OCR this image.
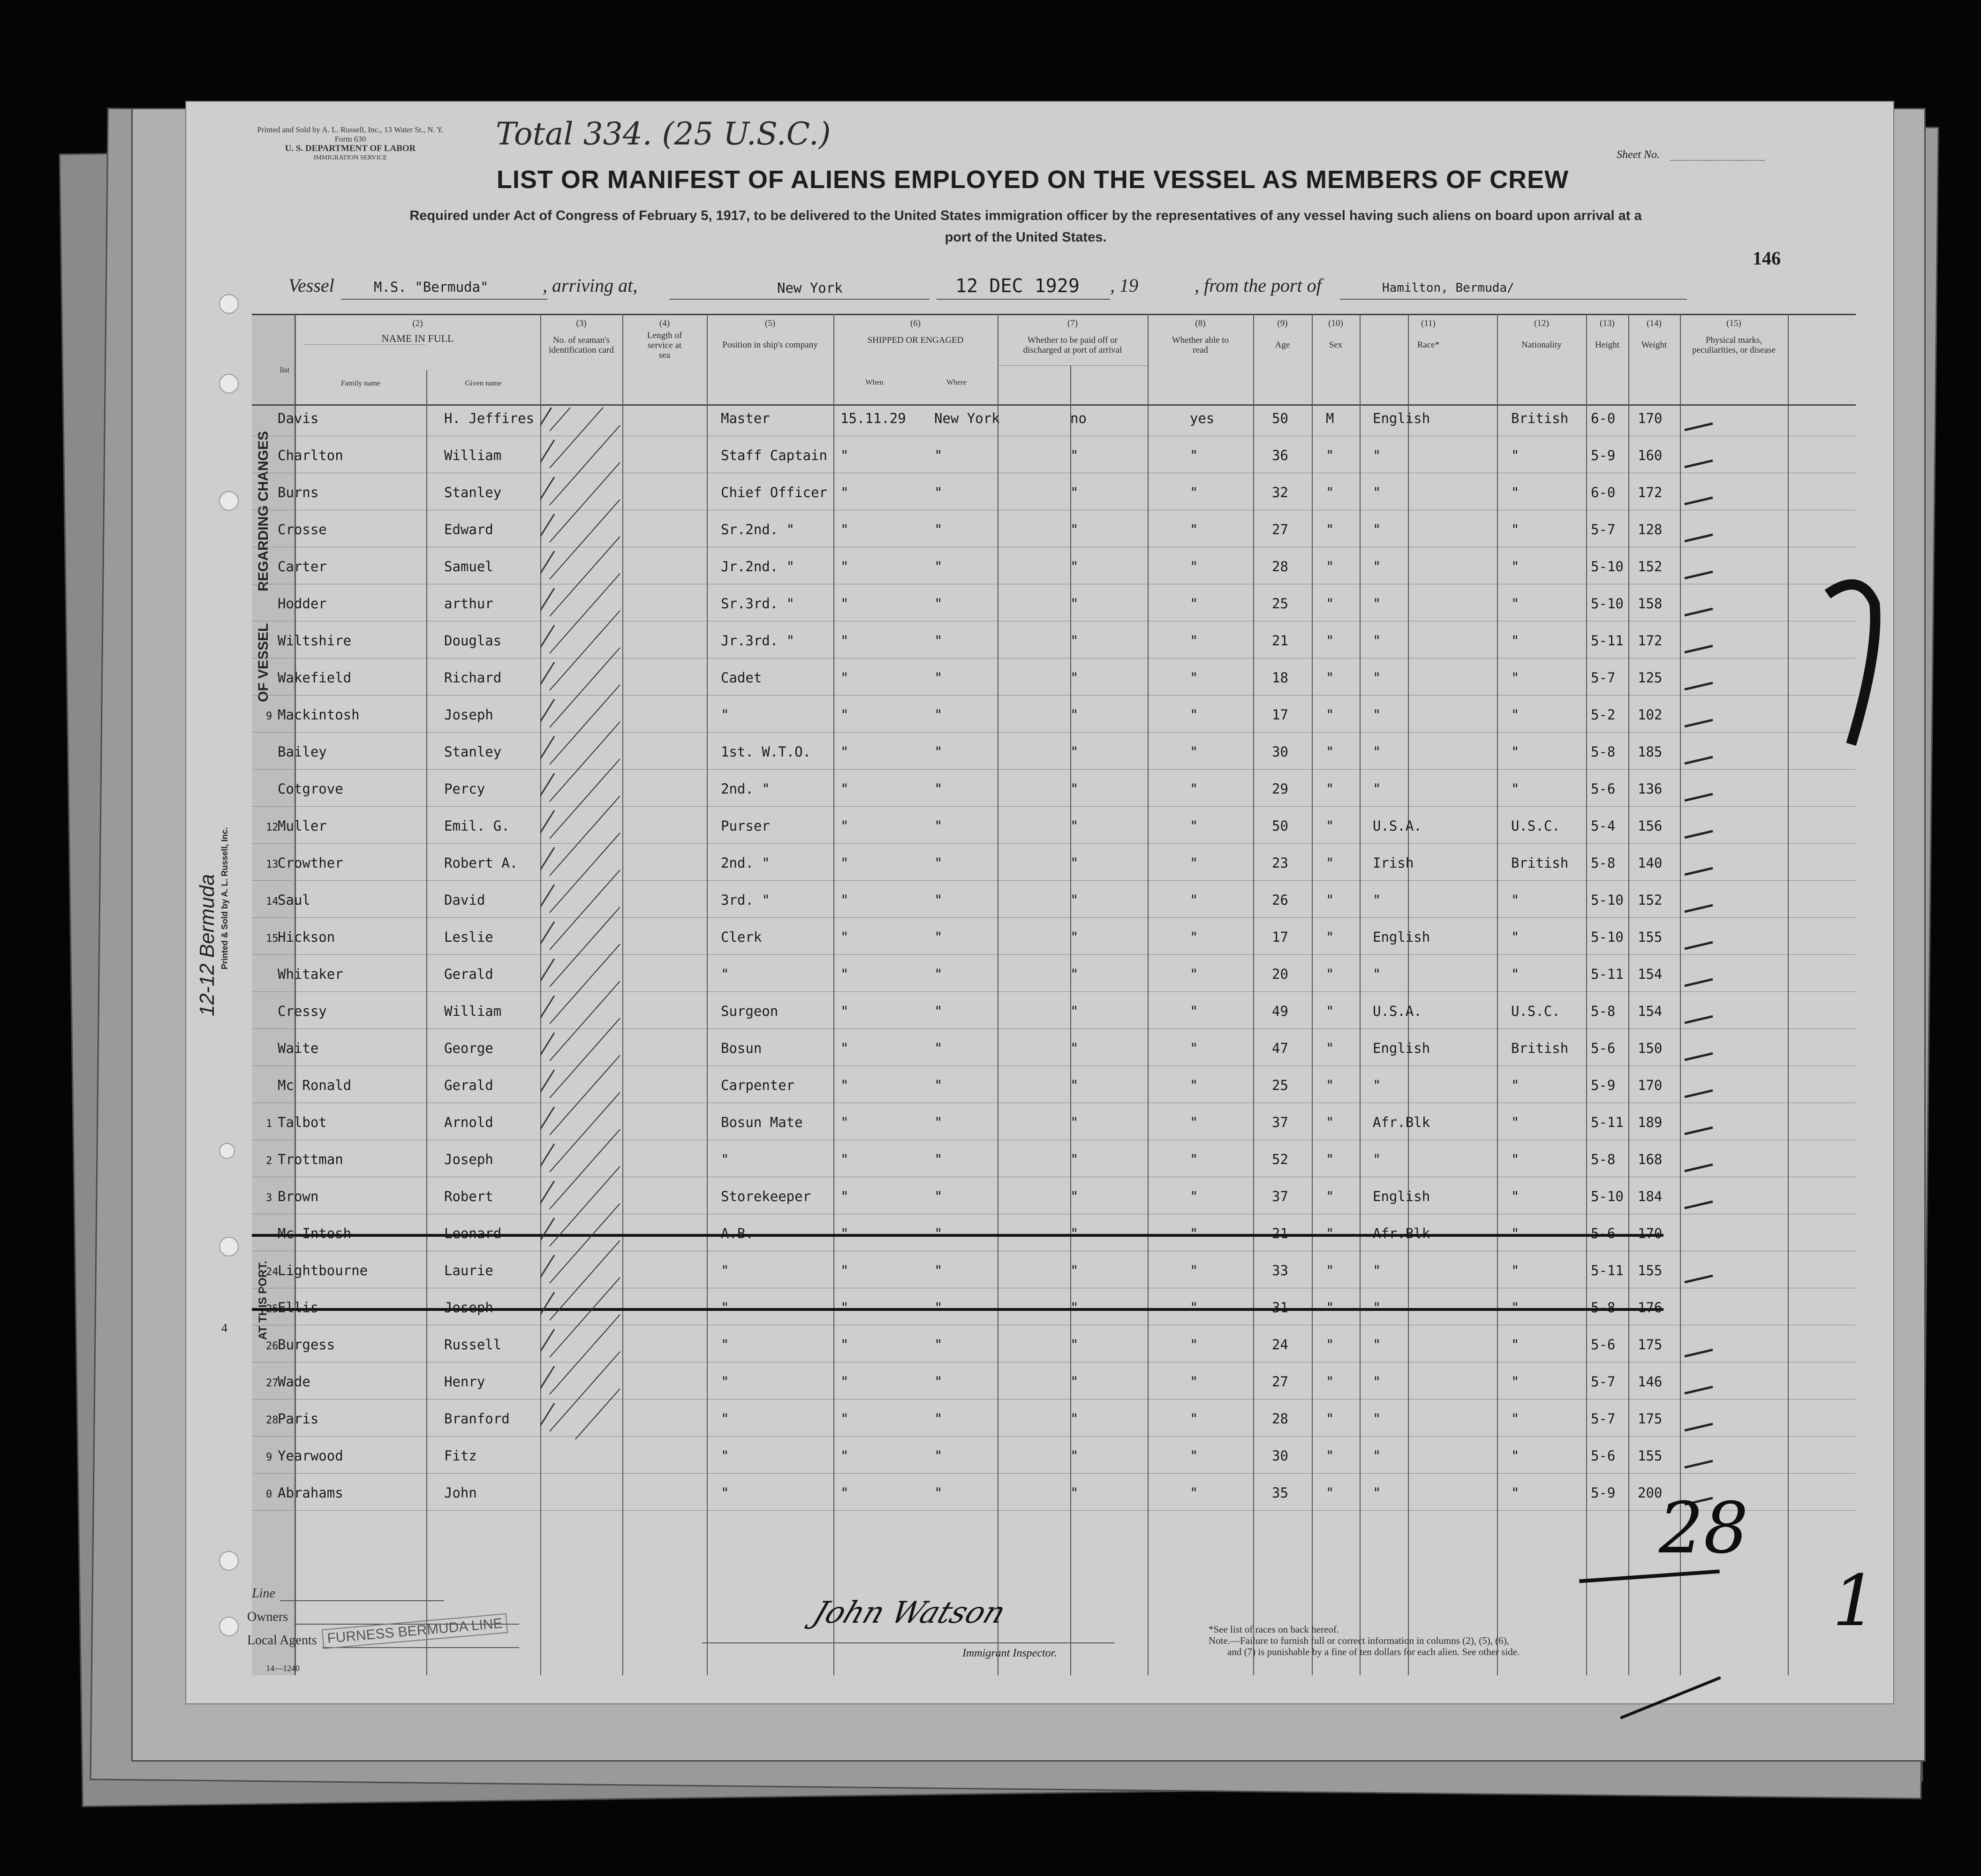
Printed and Sold by A. L. Russell, Inc., 13 Water St., N. Y.
Form 630
U. S. DEPARTMENT OF LABOR
IMMIGRATION SERVICE
Total 334. (25 U.S.C.)
Sheet No.
LIST OR MANIFEST OF ALIENS EMPLOYED ON THE VESSEL AS MEMBERS OF CREW
Required under Act of Congress of February 5, 1917, to be delivered to the United States immigration officer by the representatives of any vessel having such aliens on board upon arrival at a
port of the United States.
146
Vessel	M.S. "Bermuda"	, arriving at,	New York	12 DEC 1929 , 19	, from the port of	Hamilton, Bermuda/
OF VESSEL REGARDING CHANGES
AT THIS PORT.
Printed & Sold by A. L. Russell, Inc.
12-12 Bermuda
4
(2)
NAME IN FULL
Family name	Given name
list
(3)
No. of seaman's identification card
(4)
Length of service at sea
(5)
Position in ship's company
(6)
SHIPPED OR ENGAGED
When	Where
(7)
Whether to be paid off or discharged at port of arrival
(8)
Whether able to read
(9)
Age
(10)
Sex
(11)
Race*
(12)
Nationality
(13)
Height
(14)
Weight
(15)
Physical marks, peculiarities, or disease
9
12
13
14
15
1
2
3
24
25
26
27
28
9
0
Davis	H. Jeffires	Master	15.11.29 New York	no	yes	50	M	English	British 6-0 170
Charlton	William	Staff Captain "	"	"	"	36	"	"	"	5-9 160
Burns	Stanley	Chief Officer "	"	"	"	32	"	"	"	6-0 172
Crosse	Edward	Sr.2nd. "	"	"	"	"	27	"	"	"	5-7 128
Carter	Samuel	Jr.2nd. "	"	"	"	"	28	"	"	"	5-10 152
Hodder	arthur	Sr.3rd. "	"	"	"	"	25	"	"	"	5-10 158
Wiltshire	Douglas	Jr.3rd. "	"	"	"	"	21	"	"	"	5-11 172
Wakefield	Richard	Cadet	"	"	"	"	18	"	"	"	5-7 125
Mackintosh	Joseph	"	"	"	"	"	17	"	"	"	5-2 102
Bailey	Stanley	1st. W.T.O. "	"	"	"	30	"	"	"	5-8 185
Cotgrove	Percy	2nd. "	"	"	"	"	29	"	"	"	5-6 136
Muller	Emil. G.	Purser	"	"	"	"	50	"	U.S.A.	U.S.C. 5-4 156
Crowther	Robert A.	2nd. "	"	"	"	"	23	"	Irish	British 5-8 140
Saul	David	3rd. "	"	"	"	"	26	"	"	"	5-10 152
Hickson	Leslie	Clerk	"	"	"	"	17	"	English	"	5-10 155
Whitaker	Gerald	"	"	"	"	"	20	"	"	"	5-11 154
Cressy	William	Surgeon	"	"	"	"	49	"	U.S.A.	U.S.C. 5-8 154
Waite	George	Bosun	"	"	"	"	47	"	English	British 5-6 150
Mc Ronald	Gerald	Carpenter	"	"	"	"	25	"	"	"	5-9 170
Talbot	Arnold	Bosun Mate	"	"	"	"	37	"	Afr.Blk	"	5-11 189
Trottman	Joseph	"	"	"	"	"	52	"	"	"	5-8 168
Brown	Robert	Storekeeper "	"	"	"	37	"	English	"	5-10 184
Mc Intosh	Leonard	A.B.	"	"	"	"	21	"	Afr.Blk	"	5-6 170
Lightbourne	Laurie	"	"	"	"	"	33	"	"	"	5-11 155
Ellis	Joseph	"	"	"	"	"	31	"	"	"	5-8 176
Burgess	Russell	"	"	"	"	"	24	"	"	"	5-6 175
Wade	Henry	"	"	"	"	"	27	"	"	"	5-7 146
Paris	Branford	"	"	"	"	"	28	"	"	"	5-7 175
Yearwood	Fitz	"	"	"	"	"	30	"	"	"	5-6 155
Abrahams	John	"	"	"	"	"	35	"	"	"	5-9 200
Line
Owners
Local Agents FURNESS BERMUDA LINE
14—1240
John Watson
Immigrant Inspector.
*See list of races on back hereof.
Note.—Failure to furnish full or correct information in columns (2), (5), (6),
and (7) is punishable by a fine of ten dollars for each alien. See other side.
28
1
